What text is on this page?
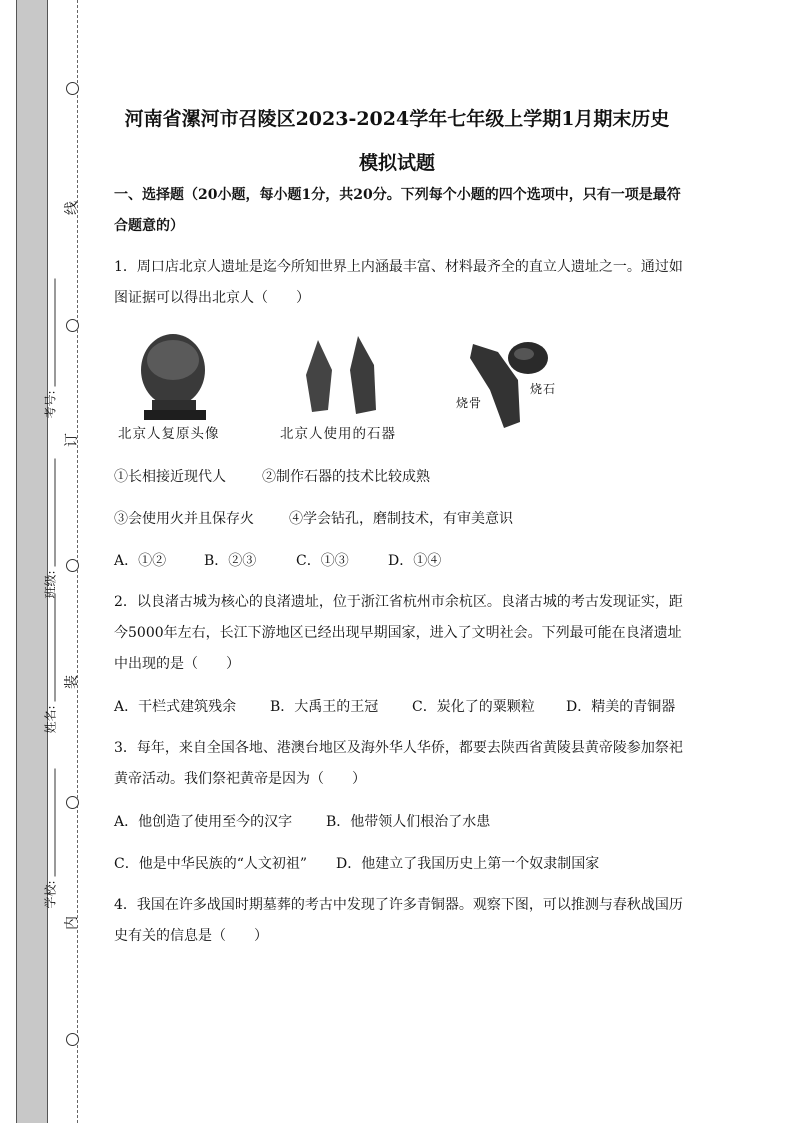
线
订
装
内
考号:
班级:
姓名:
学校:
河南省漯河市召陵区2023-2024学年七年级上学期1月期末历史
模拟试题
一、选择题（20小题，每小题1分，共20分。下列每个小题的四个选项中，只有一项是最符
合题意的）
1．周口店北京人遗址是迄今所知世界上内涵最丰富、材料最齐全的直立人遗址之一。通过如
图证据可以得出北京人（　　）
北京人复原头像	北京人使用的石器
烧骨
烧石
①长相接近现代人	②制作石器的技术比较成熟
③会使用火并且保存火	④学会钻孔，磨制技术，有审美意识
A．①②	B．②③	C．①③	D．①④
2．以良渚古城为核心的良渚遗址，位于浙江省杭州市余杭区。良渚古城的考古发现证实，距
今5000年左右，长江下游地区已经出现早期国家，进入了文明社会。下列最可能在良渚遗址
中出现的是（　　）
A．干栏式建筑残余 B．大禹王的王冠 C．炭化了的粟颗粒 D．精美的青铜器
3．每年，来自全国各地、港澳台地区及海外华人华侨，都要去陕西省黄陵县黄帝陵参加祭祀
黄帝活动。我们祭祀黄帝是因为（　　）
A．他创造了使用至今的汉字 B．他带领人们根治了水患
C．他是中华民族的“人文初祖” D．他建立了我国历史上第一个奴隶制国家
4．我国在许多战国时期墓葬的考古中发现了许多青铜器。观察下图，可以推测与春秋战国历
史有关的信息是（　　）
